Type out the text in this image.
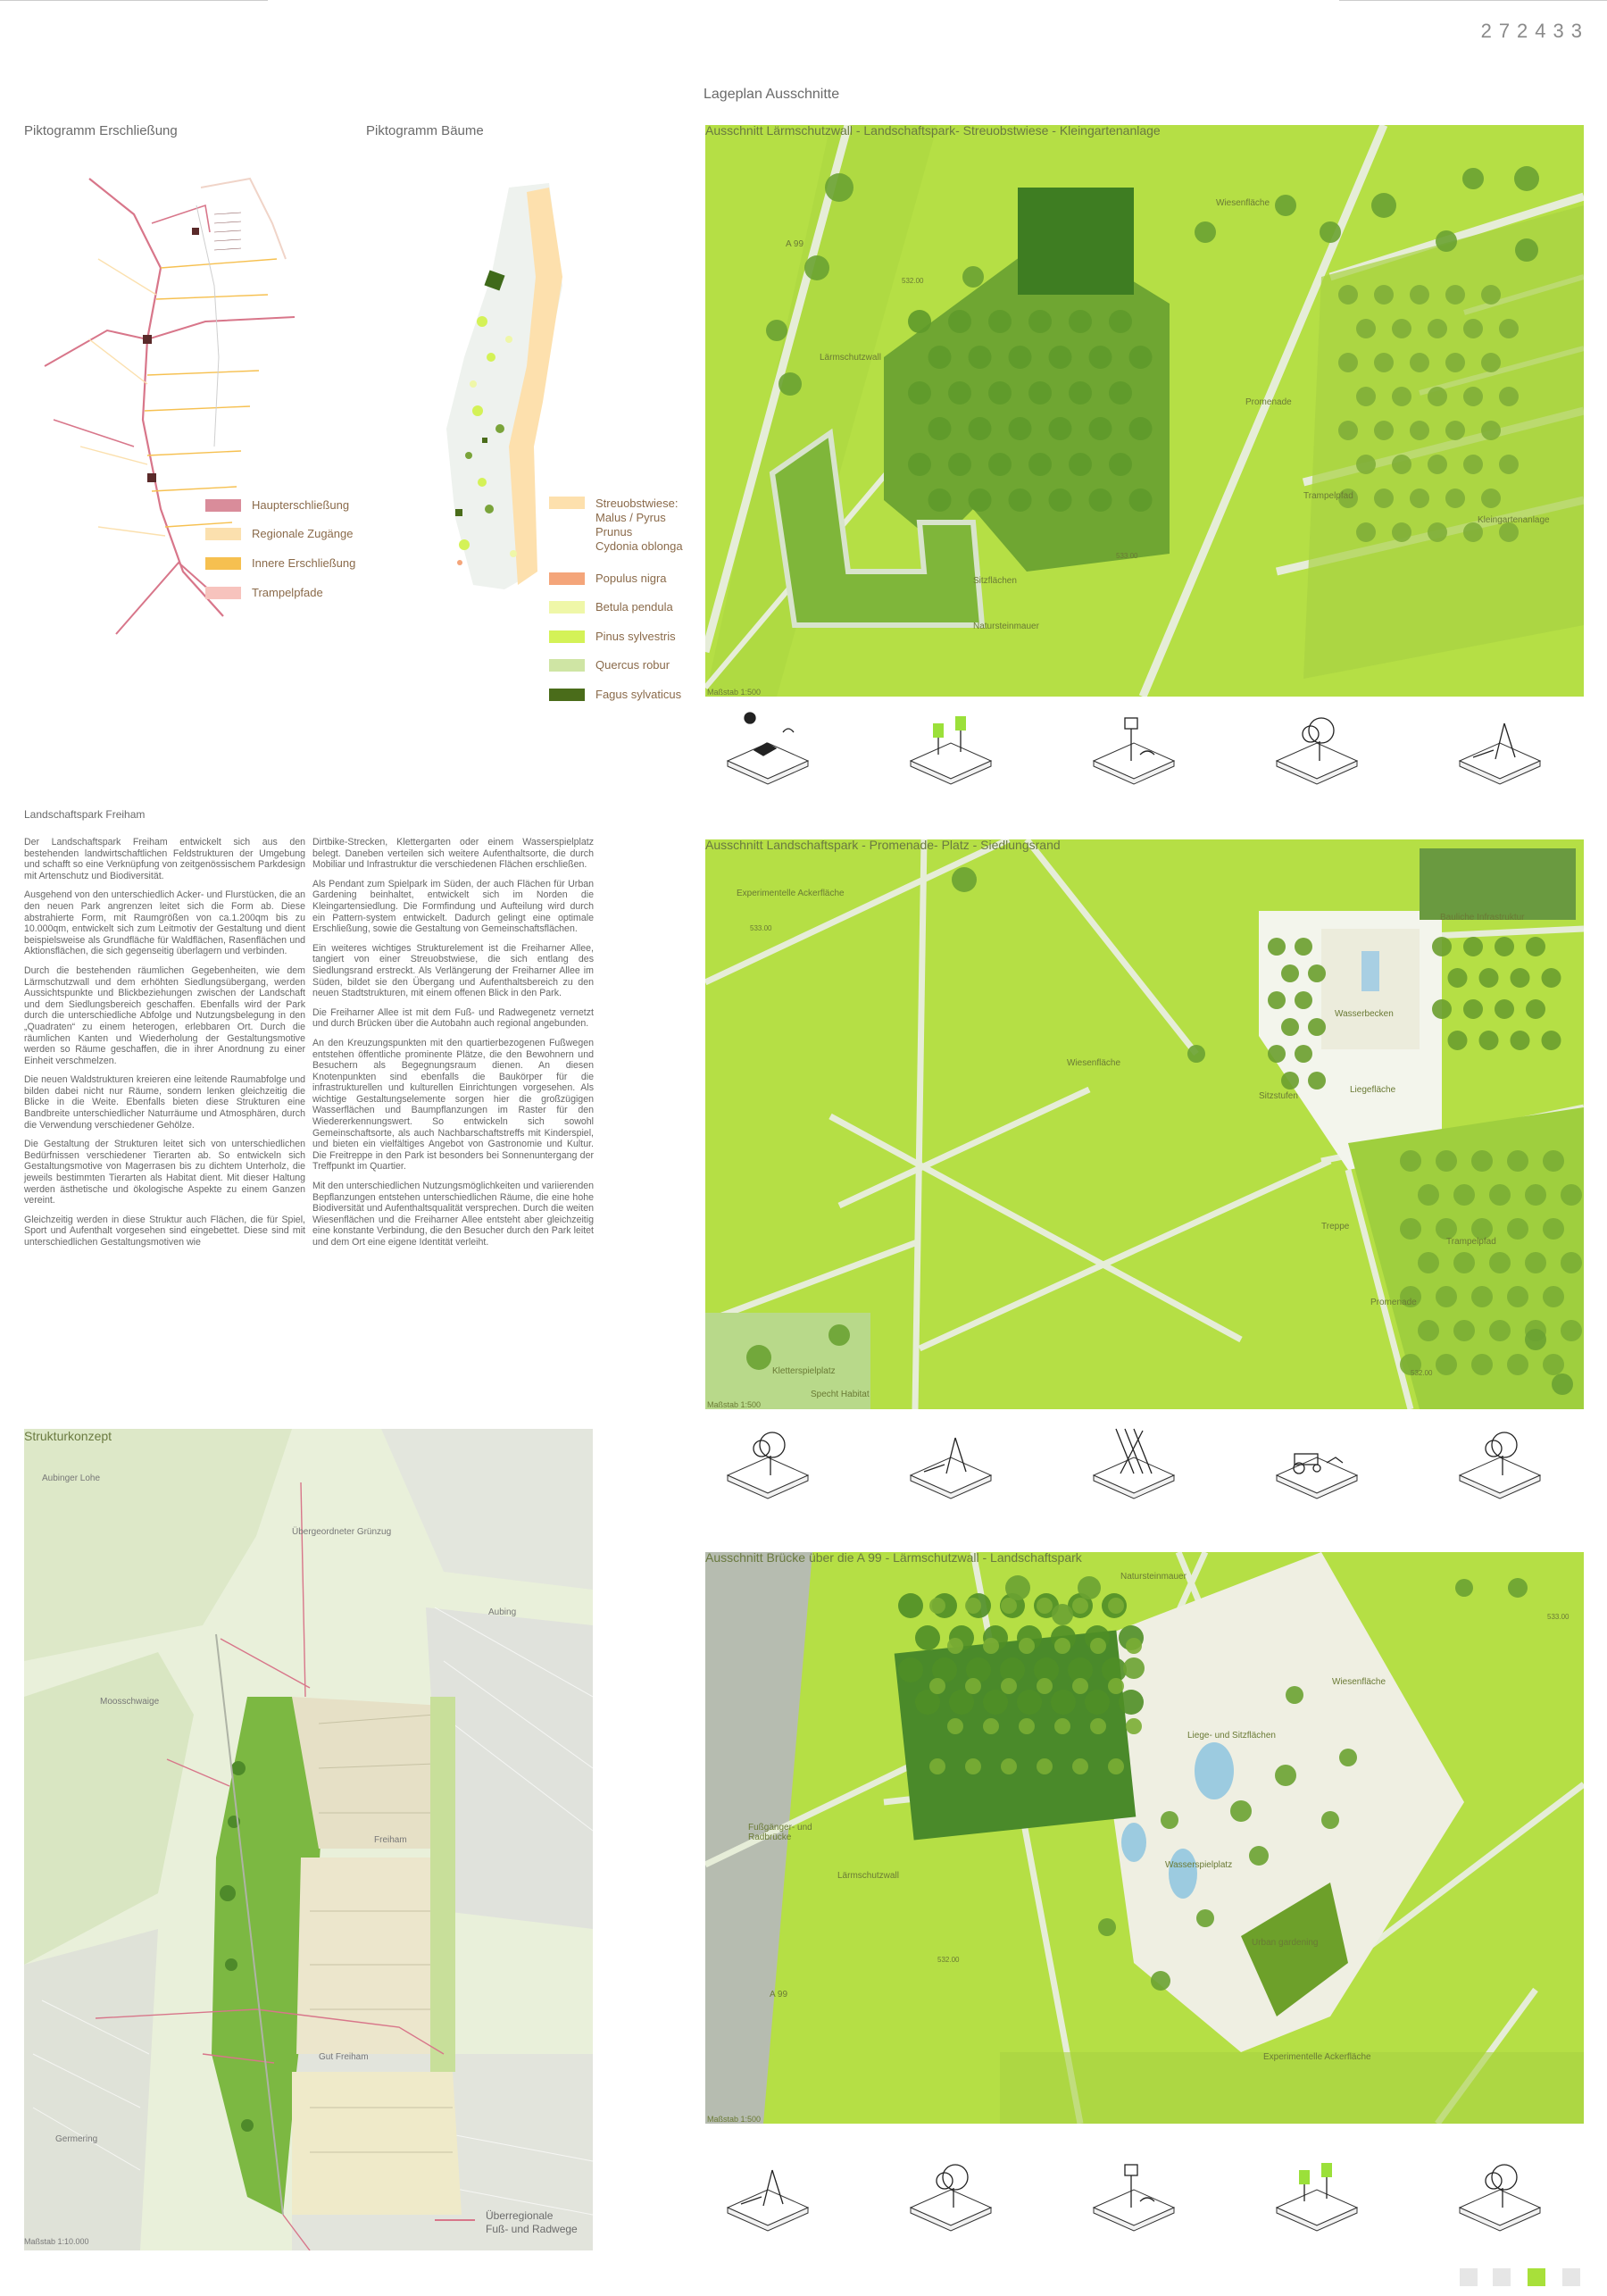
272433
Piktogramm Erschließung
Haupterschließung
Regionale Zugänge
Innere Erschließung
Trampelpfade
Piktogramm Bäume
Streuobstwiese:
Malus / Pyrus
Prunus
Cydonia oblonga
Populus nigra
Betula pendula
Pinus sylvestris
Quercus robur
Fagus sylvaticus
Lageplan Ausschnitte
Landschaftspark Freiham

Der Landschaftspark Freiham entwickelt sich aus den bestehenden landwirtschaftlichen Feldstrukturen der Umgebung und schafft so eine Verknüpfung von zeitgenössischem Parkdesign mit Artenschutz und Biodiversität.

Ausgehend von den unterschiedlich Acker- und Flurstücken, die an den neuen Park angrenzen leitet sich die Form ab. Diese abstrahierte Form, mit Raumgrößen von ca.1.200qm bis zu 10.000qm, entwickelt sich zum Leitmotiv der Gestaltung und dient beispielsweise als Grundfläche für Waldflächen, Rasenflächen und Aktionsflächen, die sich gegenseitig überlagern und verbinden.

Durch die bestehenden räumlichen Gegebenheiten, wie dem Lärmschutzwall und dem erhöhten Siedlungsübergang, werden Aussichtspunkte und Blickbeziehungen zwischen der Landschaft und dem Siedlungsbereich geschaffen. Ebenfalls wird der Park durch die unterschiedliche Abfolge und Nutzungsbelegung in den „Quadraten“ zu einem heterogen, erlebbaren Ort. Durch die räumlichen Kanten und Wiederholung der Gestaltungsmotive werden so Räume geschaffen, die in ihrer Anordnung zu einer Einheit verschmelzen.

Die neuen Waldstrukturen kreieren eine leitende Raumabfolge und bilden dabei nicht nur Räume, sondern lenken gleichzeitig die Blicke in die Weite. Ebenfalls bieten diese Strukturen eine Bandbreite unterschiedlicher Naturräume und Atmosphären, durch die Verwendung verschiedener Gehölze.

Die Gestaltung der Strukturen leitet sich von unterschiedlichen Bedürfnissen verschiedener Tierarten ab. So entwickeln sich Gestaltungsmotive von Magerrasen bis zu dichtem Unterholz, die jeweils bestimmten Tierarten als Habitat dient. Mit dieser Haltung werden ästhetische und ökologische Aspekte zu einem Ganzen vereint.

Gleichzeitig werden in diese Struktur auch Flächen, die für Spiel, Sport und Aufenthalt vorgesehen sind eingebettet. Diese sind mit unterschiedlichen Gestaltungsmotiven wie

Dirtbike-Strecken, Klettergarten oder einem Wasserspielplatz belegt. Daneben verteilen sich weitere Aufenthaltsorte, die durch Mobiliar und Infrastruktur die verschiedenen Flächen erschließen.

Als Pendant zum Spielpark im Süden, der auch Flächen für Urban Gardening beinhaltet, entwickelt sich im Norden die Kleingartensiedlung. Die Formfindung und Aufteilung wird durch ein Pattern-system entwickelt. Dadurch gelingt eine optimale Erschließung, sowie die Gestaltung von Gemeinschaftsflächen.

Ein weiteres wichtiges Strukturelement ist die Freiharner Allee, tangiert von einer Streuobstwiese, die sich entlang des Siedlungsrand erstreckt. Als Verlängerung der Freiharner Allee im Süden, bildet sie den Übergang und Aufenthaltsbereich zu den neuen Stadtstrukturen, mit einem offenen Blick in den Park.

Die Freiharner Allee ist mit dem Fuß- und Radwegenetz vernetzt und durch Brücken über die Autobahn auch regional angebunden.

An den Kreuzungspunkten mit den quartierbezogenen Fußwegen entstehen öffentliche prominente Plätze, die den Bewohnern und Besuchern als Begegnungsraum dienen. An diesen Knotenpunkten sind ebenfalls die Baukörper für die infrastrukturellen und kulturellen Einrichtungen vorgesehen. Als wichtige Gestaltungselemente sorgen hier die großzügigen Wasserflächen und Baumpflanzungen im Raster für den Wiedererkennungswert. So entwickeln sich sowohl Gemeinschaftsorte, als auch Nachbarschaftstreffs mit Kinderspiel, und bieten ein vielfältiges Angebot von Gastronomie und Kultur. Die Freitreppe in den Park ist besonders bei Sonnenuntergang der Treffpunkt im Quartier.

Mit den unterschiedlichen Nutzungsmöglichkeiten und variierenden Bepflanzungen entstehen unterschiedlichen Räume, die eine hohe Biodiversität und Aufenthaltsqualität versprechen. Durch die weiten Wiesenflächen und die Freiharner Allee entsteht aber gleichzeitig eine konstante Verbindung, die den Besucher durch den Park leitet und dem Ort eine eigene Identität verleiht.

Strukturkonzept
Aubinger Lohe
Übergeordneter Grünzug
Aubing
Moosschwaige
Freiham
Gut Freiham
Germering
Überregionale
Fuß- und Radwege
Maßstab 1:10.000
Ausschnitt Lärmschutzwall - Landschaftspark- Streuobstwiese - Kleingartenanlage
A 99
Lärmschutzwall
Wiesenfläche
Promenade
Trampelpfad
Kleingartenanlage
Sitzflächen
Natursteinmauer
532.00
533.00
Maßstab 1:500
Ausschnitt Landschaftspark - Promenade- Platz - Siedlungsrand
Experimentelle Ackerfläche
Wiesenfläche
Wasserbecken
Sitzstufen
Liegefläche
Trampelpfad
Treppe
Promenade
Kletterspielplatz
Specht Habitat
Bauliche Infrastruktur
533.00
532.00
Maßstab 1:500
Ausschnitt Brücke über die A 99 - Lärmschutzwall - Landschaftspark
Wiesenfläche
Liege- und Sitzflächen
Fußgänger- und Radbrücke
Lärmschutzwall
Wasserspielplatz
Urban gardening
A 99
Experimentelle Ackerfläche
Natursteinmauer
532.00
533.00
Maßstab 1:500
